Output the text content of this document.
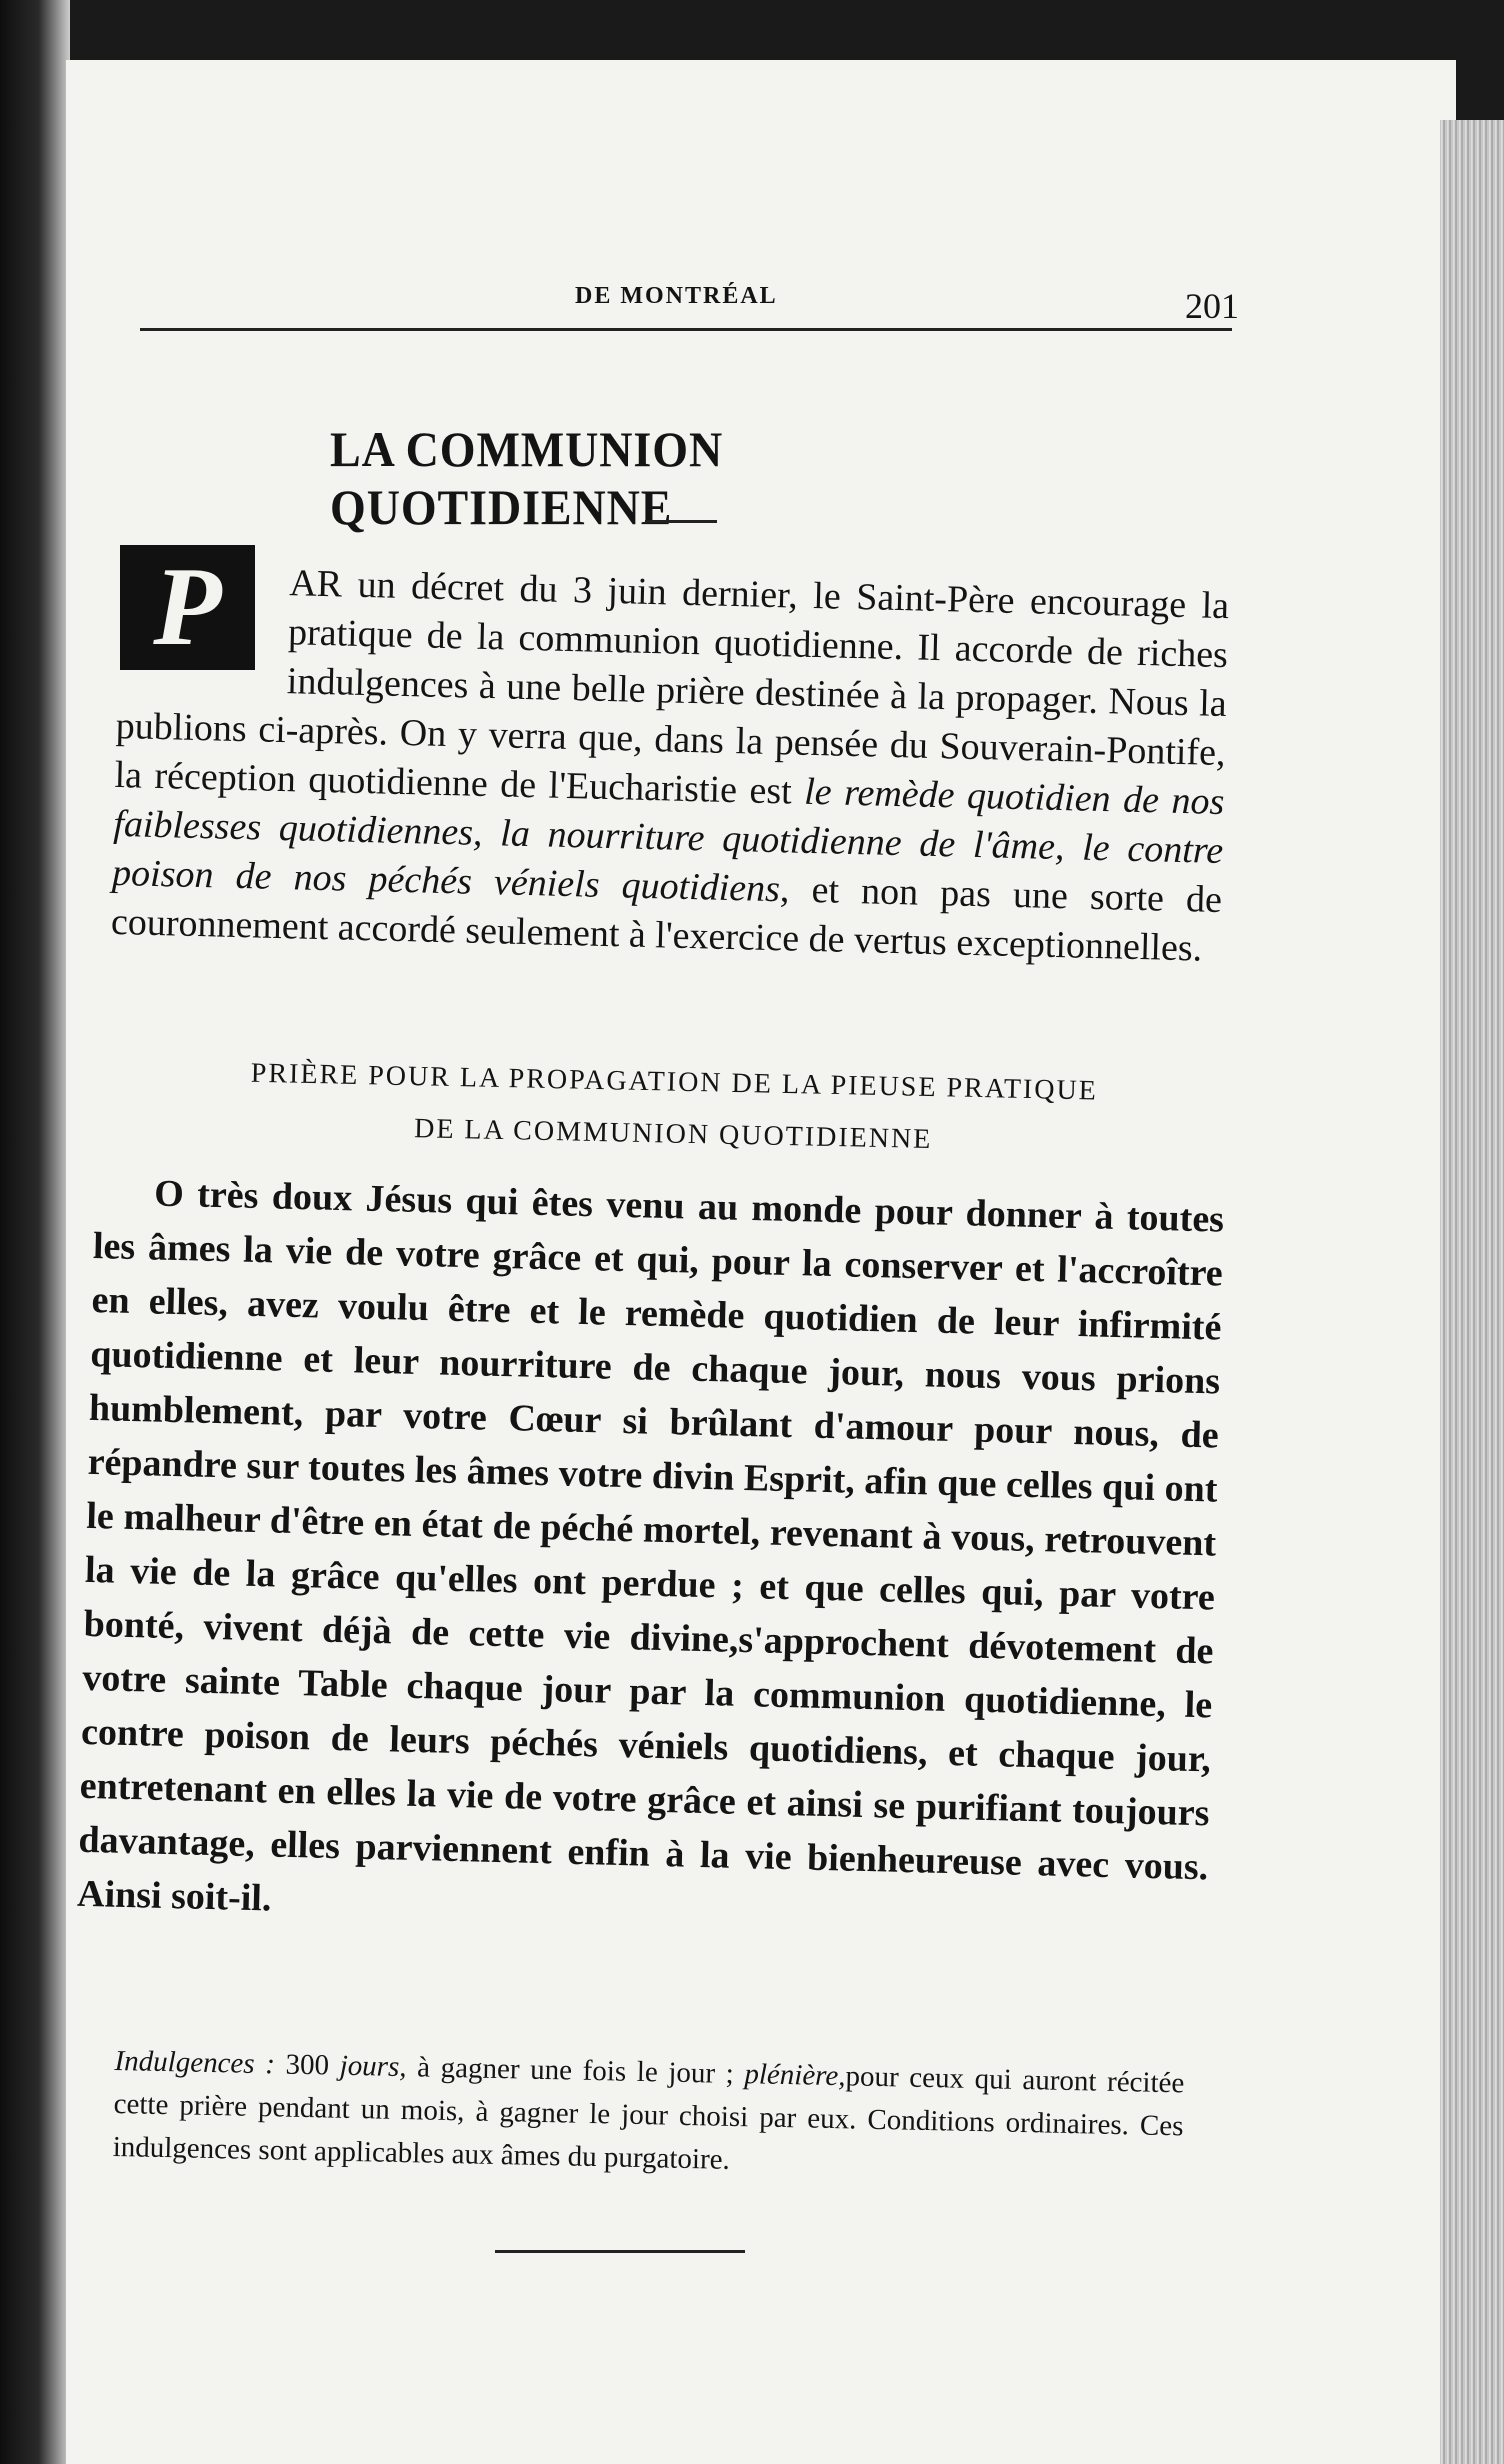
DE MONTRÉAL	201
LA COMMUNION QUOTIDIENNE
AR un décret du 3 juin dernier, le Saint-Père encourage la pratique de la communion quotidienne. Il accorde de riches indulgences à une belle prière destinée à la propager. Nous la publions ci-après. On y verra que, dans la pensée du Souverain-Pontife, la réception quotidienne de l'Eucharistie est le remède quotidien de nos faiblesses quotidiennes, la nourriture quotidienne de l'âme, le contre poison de nos péchés véniels quotidiens, et non pas une sorte de couronnement accordé seulement à l'exercice de vertus exceptionnelles.
P
PRIÈRE POUR LA PROPAGATION DE LA PIEUSE PRATIQUE
DE LA COMMUNION QUOTIDIENNE
O très doux Jésus qui êtes venu au monde pour donner à toutes les âmes la vie de votre grâce et qui, pour la conserver et l'accroître en elles, avez voulu être et le remède quotidien de leur infirmité quotidienne et leur nourriture de chaque jour, nous vous prions humblement, par votre Cœur si brûlant d'amour pour nous, de répandre sur toutes les âmes votre divin Esprit, afin que celles qui ont le malheur d'être en état de péché mortel, revenant à vous, retrouvent la vie de la grâce qu'elles ont perdue ; et que celles qui, par votre bonté, vivent déjà de cette vie divine,s'approchent dévotement de votre sainte Table chaque jour par la communion quotidienne, le contre poison de leurs péchés véniels quotidiens, et chaque jour, entretenant en elles la vie de votre grâce et ainsi se purifiant toujours davantage, elles parviennent enfin à la vie bienheureuse avec vous. Ainsi soit-il.
Indulgences : 300 jours, à gagner une fois le jour ; plénière,pour ceux qui auront récitée cette prière pendant un mois, à gagner le jour choisi par eux. Conditions ordinaires. Ces indulgences sont applicables aux âmes du purgatoire.
